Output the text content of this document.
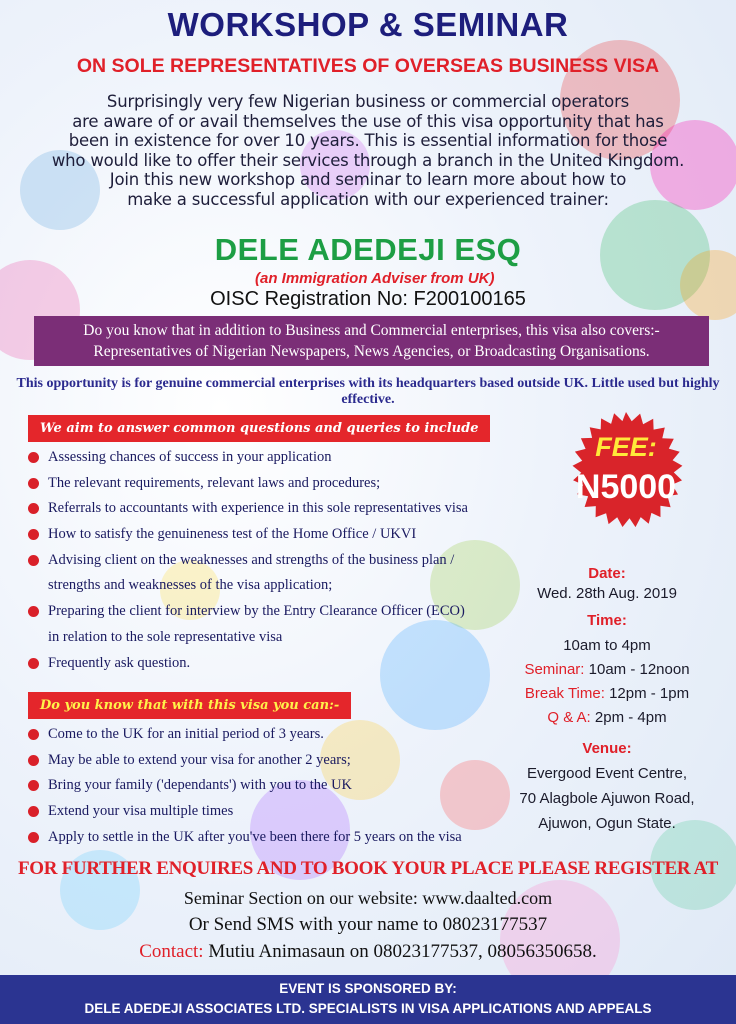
WORKSHOP & SEMINAR
ON SOLE REPRESENTATIVES OF OVERSEAS BUSINESS VISA
Surprisingly very few Nigerian business or commercial operators
are aware of or avail themselves the use of this visa opportunity that has
been in existence for over 10 years. This is essential information for those
who would like to offer their services through a branch in the United Kingdom.
Join this new workshop and seminar to learn more about how to
make a successful application with our experienced trainer:
DELE ADEDEJI ESQ
(an Immigration Adviser from UK)
OISC Registration No: F200100165
Do you know that in addition to Business and Commercial enterprises, this visa also covers:-
Representatives of Nigerian Newspapers, News Agencies, or Broadcasting Organisations.
This opportunity is for genuine commercial enterprises with its headquarters based outside UK. Little used but highly effective.
We aim to answer common questions and queries to include
Assessing chances of success in your application
The relevant requirements, relevant laws and procedures;
Referrals to accountants with experience in this sole representatives visa
How to satisfy the genuineness test of the Home Office / UKVI
Advising client on the weaknesses and strengths of the business plan /
strengths and weaknesses of the visa application;
Preparing the client for interview by the Entry Clearance Officer (ECO)
in relation to the sole representative visa
Frequently ask question.
Do you know that with this visa you can:-
Come to the UK for an initial period of 3 years.
May be able to extend your visa for another 2 years;
Bring your family ('dependants') with you to the UK
Extend your visa multiple times
Apply to settle in the UK after you've been there for 5 years on the visa
FEE:
N5000
Date:
Wed. 28th Aug. 2019
Time:
10am to 4pm
Seminar: 10am - 12noon
Break Time: 12pm - 1pm
Q & A: 2pm - 4pm
Venue:
Evergood Event Centre,
70 Alagbole Ajuwon Road,
Ajuwon, Ogun State.
FOR FURTHER ENQUIRES AND TO BOOK YOUR PLACE PLEASE REGISTER AT
Seminar Section on our website: www.daalted.com
Or Send SMS with your name to 08023177537
Contact: Mutiu Animasaun on 08023177537, 08056350658.
EVENT IS SPONSORED BY:
DELE ADEDEJI ASSOCIATES LTD. SPECIALISTS IN VISA APPLICATIONS AND APPEALS
